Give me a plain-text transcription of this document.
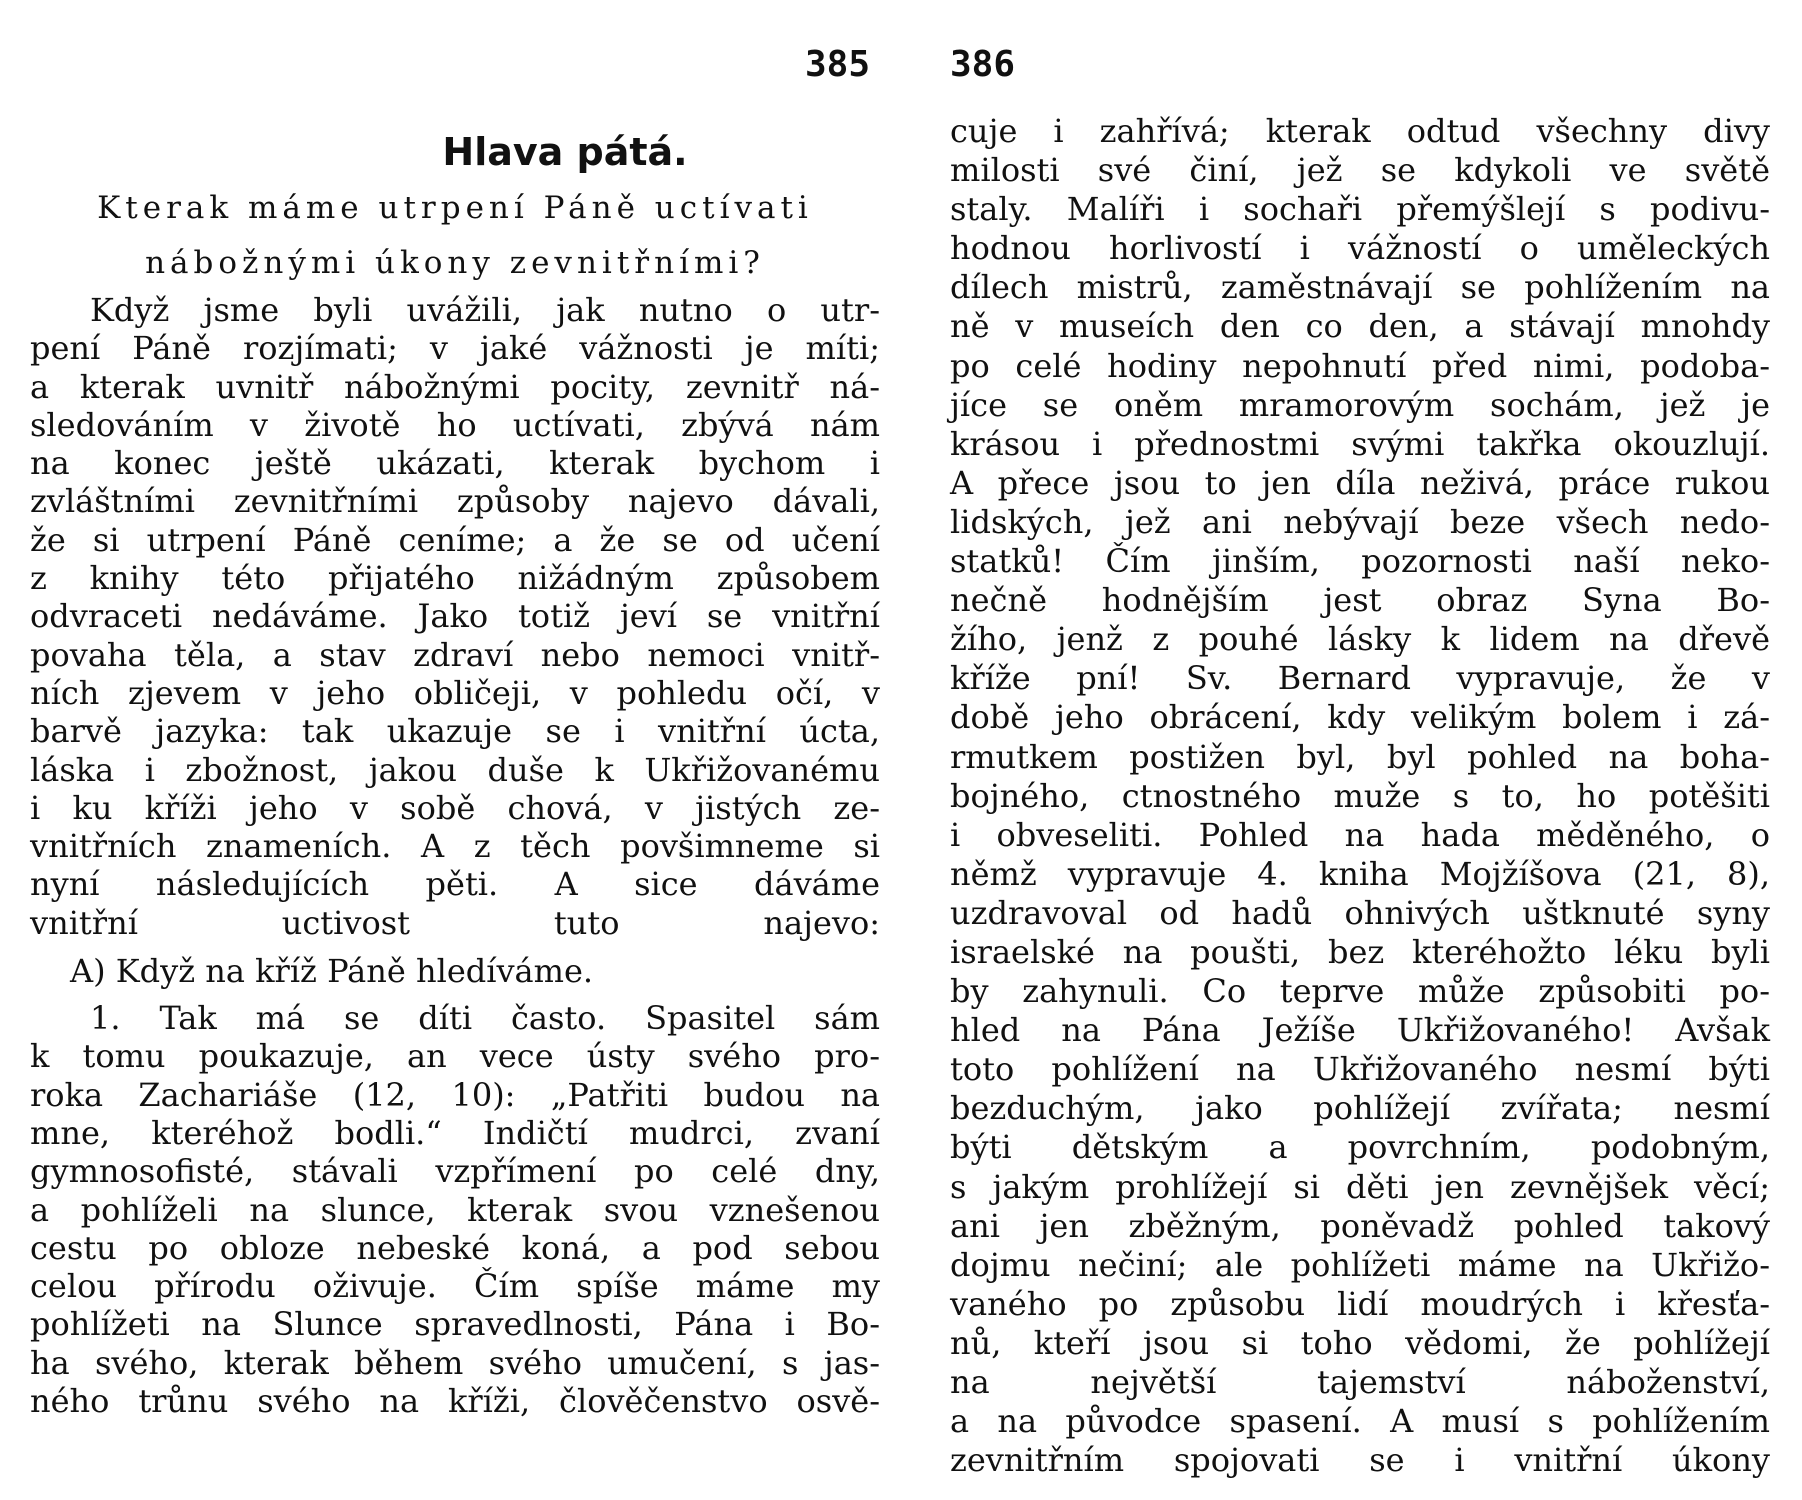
385
Hlava pátá.
Kterak máme utrpení Páně uctívati
nábožnými úkony zevnitřními?
Když jsme byli uvážili, jak nutno o utr-
pení Páně rozjímati; v jaké vážnosti je míti;
a kterak uvnitř nábožnými pocity, zevnitř ná-
sledováním v životě ho uctívati, zbývá nám
na konec ještě ukázati, kterak bychom i
zvláštními zevnitřními způsoby najevo dávali,
že si utrpení Páně ceníme; a že se od učení
z knihy této přijatého nižádným způsobem
odvraceti nedáváme. Jako totiž jeví se vnitřní
povaha těla, a stav zdraví nebo nemoci vnitř-
ních zjevem v jeho obličeji, v pohledu očí, v
barvě jazyka: tak ukazuje se i vnitřní úcta,
láska i zbožnost, jakou duše k Ukřižovanému
i ku kříži jeho v sobě chová, v jistých ze-
vnitřních znameních. A z těch povšimneme si
nyní následujících pěti. A sice dáváme
vnitřní uctivost tuto najevo:
A) Když na kříž Páně hledíváme.
1. Tak má se díti často. Spasitel sám
k tomu poukazuje, an vece ústy svého pro-
roka Zachariáše (12, 10): „Patřiti budou na
mne, kteréhož bodli.“ Indičtí mudrci, zvaní
gymnosofisté, stávali vzpřímení po celé dny,
a pohlíželi na slunce, kterak svou vznešenou
cestu po obloze nebeské koná, a pod sebou
celou přírodu oživuje. Čím spíše máme my
pohlížeti na Slunce spravedlnosti, Pána i Bo-
ha svého, kterak během svého umučení, s jas-
ného trůnu svého na kříži, člověčenstvo osvě-
386
cuje i zahřívá; kterak odtud všechny divy
milosti své činí, jež se kdykoli ve světě
staly. Malíři i sochaři přemýšlejí s podivu-
hodnou horlivostí i vážností o uměleckých
dílech mistrů, zaměstnávají se pohlížením na
ně v museích den co den, a stávají mnohdy
po celé hodiny nepohnutí před nimi, podoba-
jíce se oněm mramorovým sochám, jež je
krásou i přednostmi svými takřka okouzlují.
A přece jsou to jen díla neživá, práce rukou
lidských, jež ani nebývají beze všech nedo-
statků! Čím jinším, pozornosti naší neko-
nečně hodnějším jest obraz Syna Bo-
žího, jenž z pouhé lásky k lidem na dřevě
kříže pní! Sv. Bernard vypravuje, že v
době jeho obrácení, kdy velikým bolem i zá-
rmutkem postižen byl, byl pohled na boha-
bojného, ctnostného muže s to, ho potěšiti
i obveseliti. Pohled na hada měděného, o
němž vypravuje 4. kniha Mojžíšova (21, 8),
uzdravoval od hadů ohnivých uštknuté syny
israelské na poušti, bez kteréhožto léku byli
by zahynuli. Co teprve může způsobiti po-
hled na Pána Ježíše Ukřižovaného! Avšak
toto pohlížení na Ukřižovaného nesmí býti
bezduchým, jako pohlížejí zvířata; nesmí
býti dětským a povrchním, podobným,
s jakým prohlížejí si děti jen zevnějšek věcí;
ani jen zběžným, poněvadž pohled takový
dojmu nečiní; ale pohlížeti máme na Ukřižo-
vaného po způsobu lidí moudrých i křesťa-
nů, kteří jsou si toho vědomi, že pohlížejí
na největší tajemství náboženství,
a na původce spasení. A musí s pohlížením
zevnitřním spojovati se i vnitřní úkony
